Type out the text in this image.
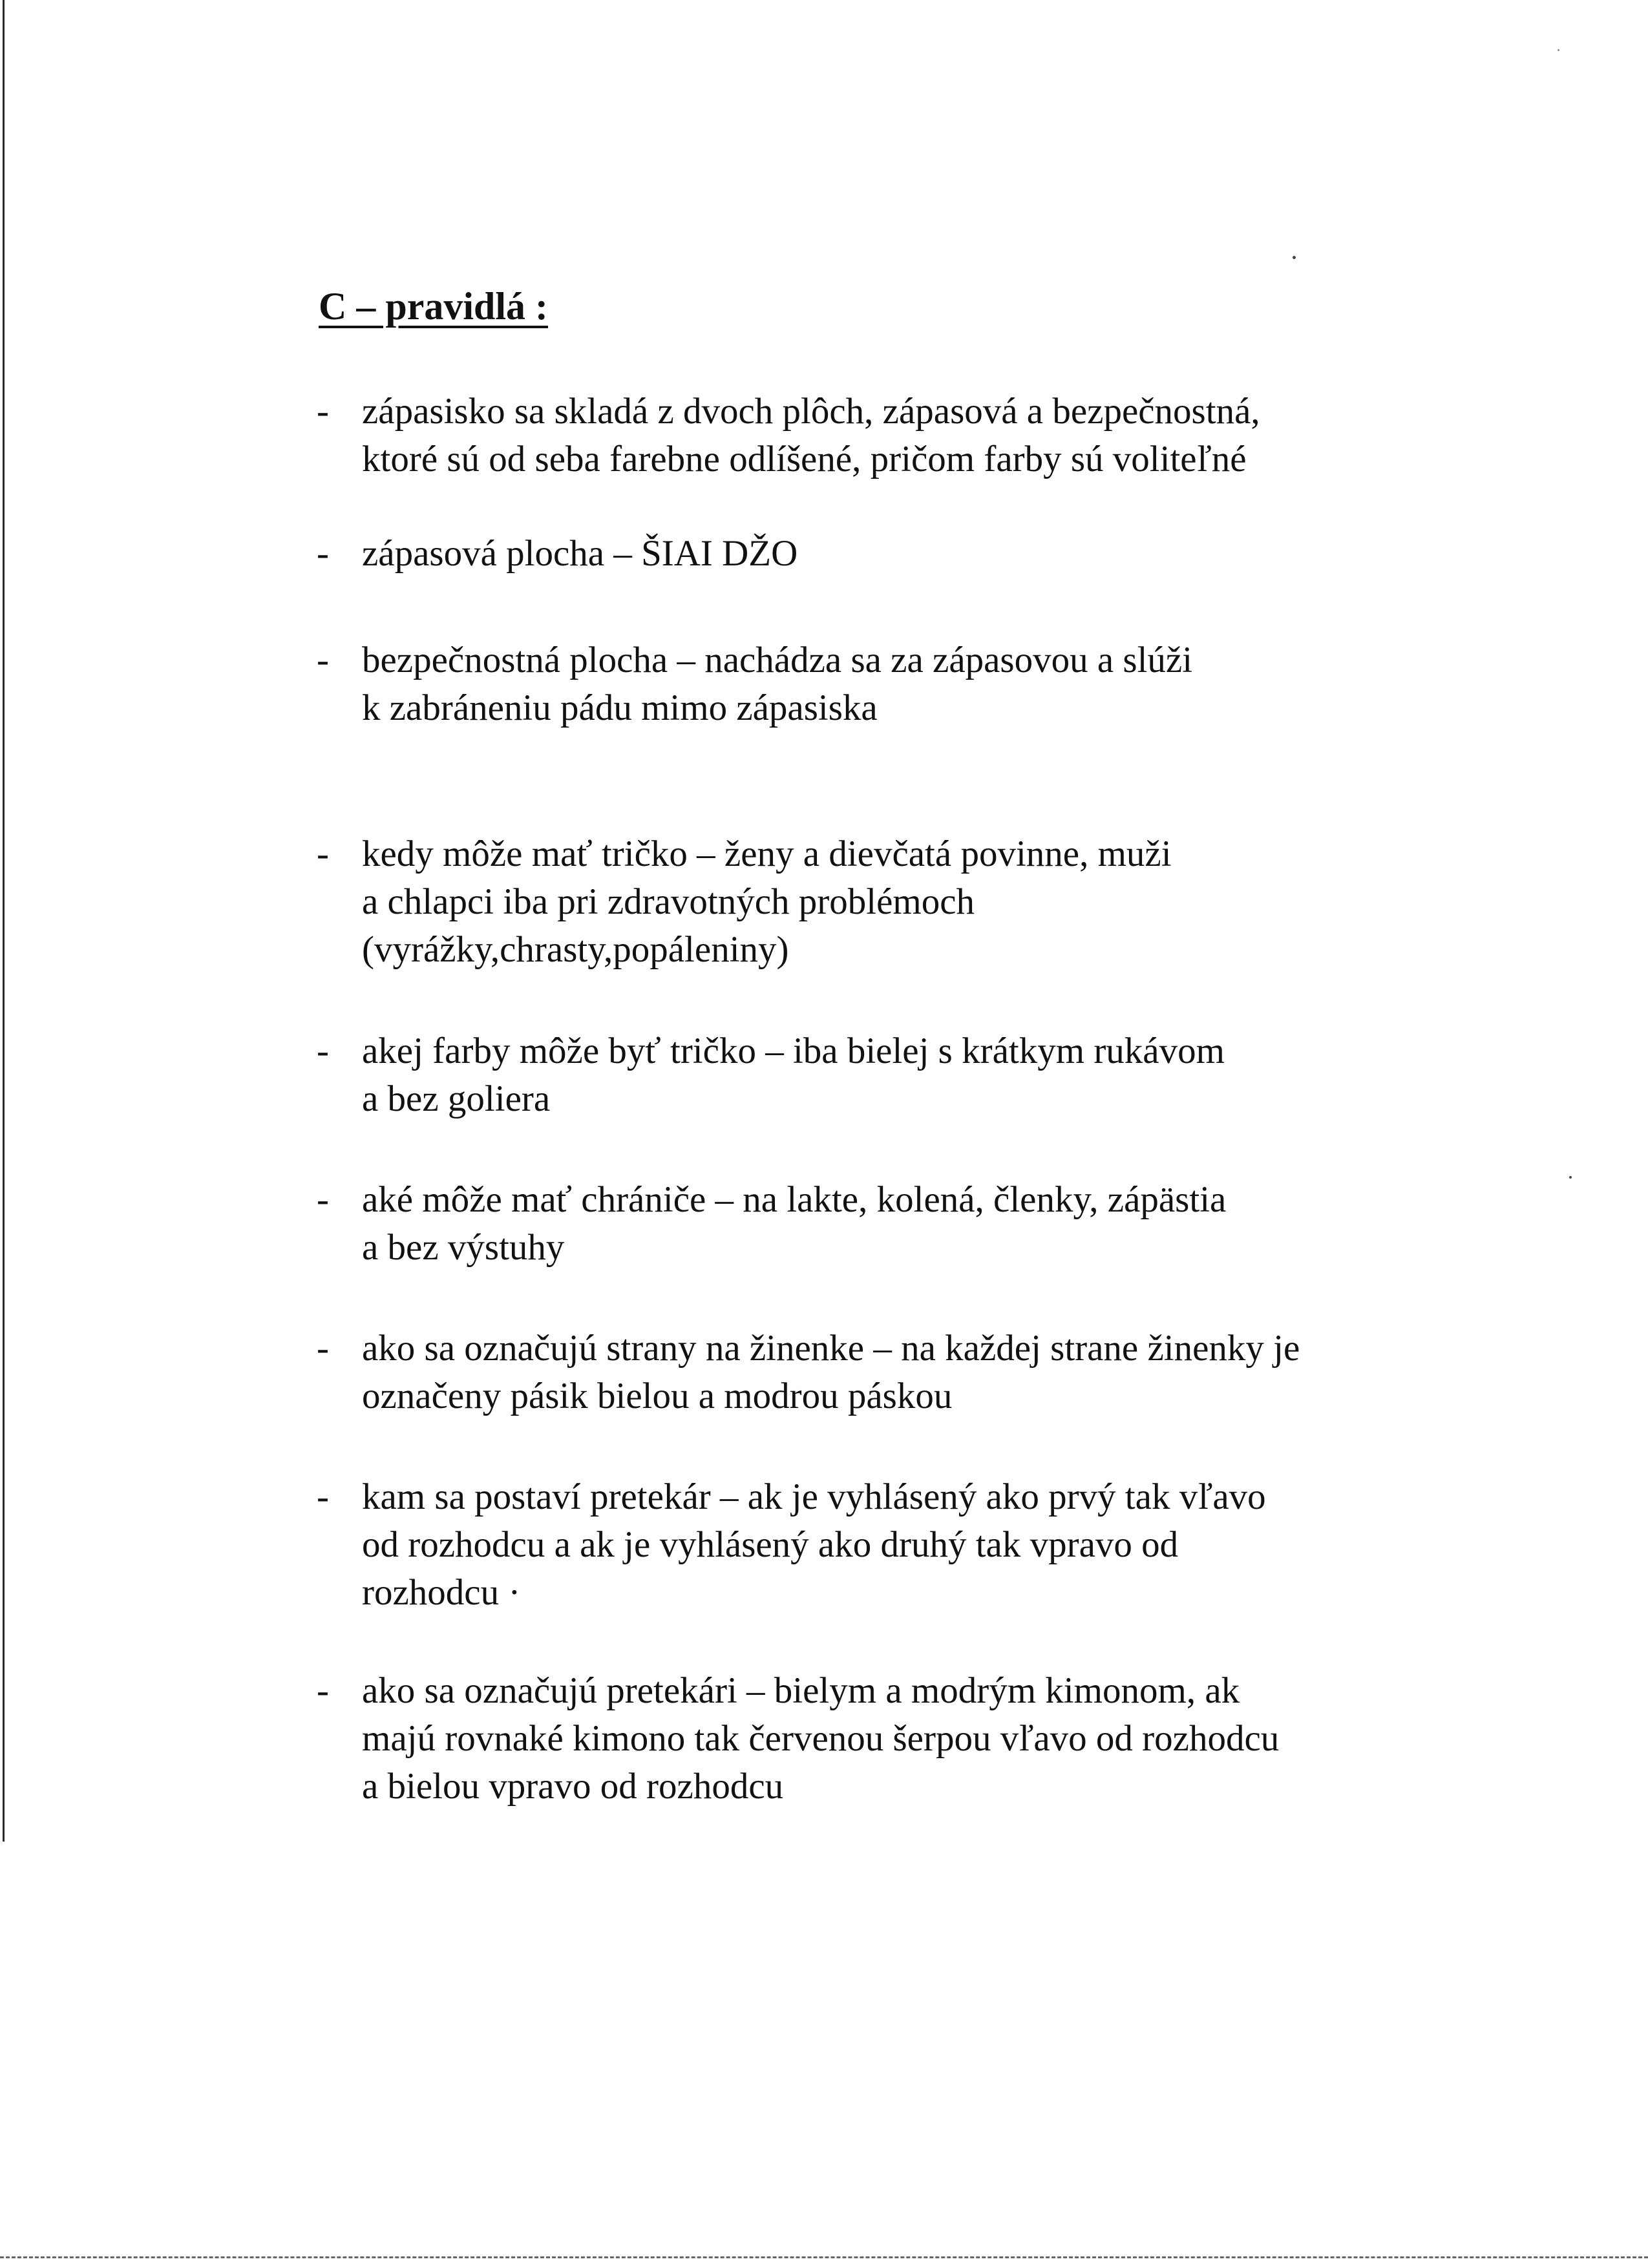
C – pravidlá :
- zápasisko sa skladá z dvoch plôch, zápasová a bezpečnostná,
ktoré sú od seba farebne odlíšené, pričom farby sú voliteľné
- zápasová plocha – ŠIAI DŽO
- bezpečnostná plocha – nachádza sa za zápasovou a slúži
k zabráneniu pádu mimo zápasiska
- kedy môže mať tričko – ženy a dievčatá povinne, muži
a chlapci iba pri zdravotných problémoch
(vyrážky,chrasty,popáleniny)
- akej farby môže byť tričko – iba bielej s krátkym rukávom
a bez goliera
- aké môže mať chrániče – na lakte, kolená, členky, zápästia
a bez výstuhy
- ako sa označujú strany na žinenke – na každej strane žinenky je
označeny pásik bielou a modrou páskou
- kam sa postaví pretekár – ak je vyhlásený ako prvý tak vľavo
od rozhodcu a ak je vyhlásený ako druhý tak vpravo od
rozhodcu ·
- ako sa označujú pretekári – bielym a modrým kimonom, ak
majú rovnaké kimono tak červenou šerpou vľavo od rozhodcu
a bielou vpravo od rozhodcu
